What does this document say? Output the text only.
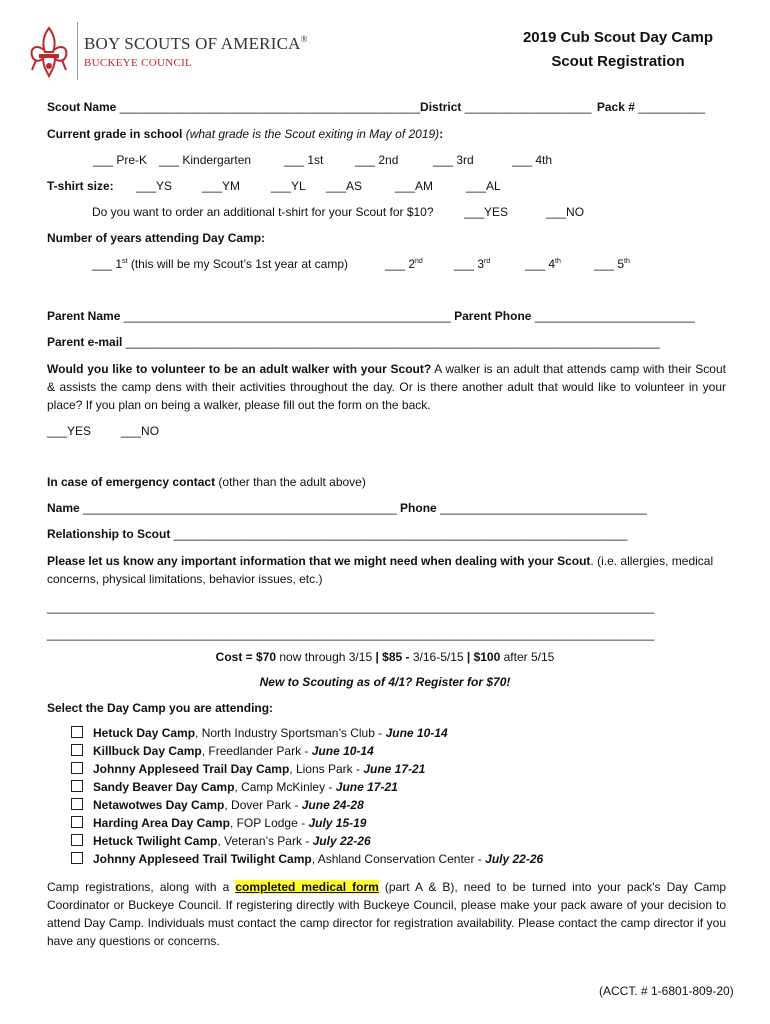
BOY SCOUTS OF AMERICA®
BUCKEYE COUNCIL
2019 Cub Scout Day Camp
Scout Registration
Scout Name _____________________________________________District ___________________ Pack # __________
Current grade in school (what grade is the Scout exiting in May of 2019):
___ Pre-K ___ Kindergarten	___ 1st	___ 2nd	___ 3rd	___ 4th
T-shirt size: ___YS ___YM	___YL ___AS	___AM	___AL
Do you want to order an additional t-shirt for your Scout for $10?	___YES	___NO
Number of years attending Day Camp:
___ 1st (this will be my Scout’s 1st year at camp)	___ 2nd	___ 3rd	___ 4th	___ 5th
Parent Name _________________________________________________ Parent Phone ________________________
Parent e-mail ________________________________________________________________________________
Would you like to volunteer to be an adult walker with your Scout? A walker is an adult that attends camp with their Scout & assists the camp dens with their activities throughout the day. Or is there another adult that would like to volunteer in your place? If you plan on being a walker, please fill out the form on the back.
___YES ___NO
In case of emergency contact (other than the adult above)
Name _______________________________________________ Phone _______________________________
Relationship to Scout ____________________________________________________________________
Please let us know any important information that we might need when dealing with your Scout. (i.e. allergies, medical concerns, physical limitations, behavior issues, etc.)
___________________________________________________________________________________________
___________________________________________________________________________________________
Cost = $70 now through 3/15 | $85 - 3/16-5/15 | $100 after 5/15
New to Scouting as of 4/1? Register for $70!
Select the Day Camp you are attending:
Hetuck Day Camp, North Industry Sportsman’s Club - June 10-14
Killbuck Day Camp, Freedlander Park - June 10-14
Johnny Appleseed Trail Day Camp, Lions Park - June 17-21
Sandy Beaver Day Camp, Camp McKinley - June 17-21
Netawotwes Day Camp, Dover Park - June 24-28
Harding Area Day Camp, FOP Lodge - July 15-19
Hetuck Twilight Camp, Veteran’s Park - July 22-26
Johnny Appleseed Trail Twilight Camp, Ashland Conservation Center - July 22-26
Camp registrations, along with a completed medical form (part A & B), need to be turned into your pack's Day Camp Coordinator or Buckeye Council. If registering directly with Buckeye Council, please make your pack aware of your decision to attend Day Camp. Individuals must contact the camp director for registration availability. Please contact the camp director if you have any questions or concerns.
(ACCT. # 1-6801-809-20)
